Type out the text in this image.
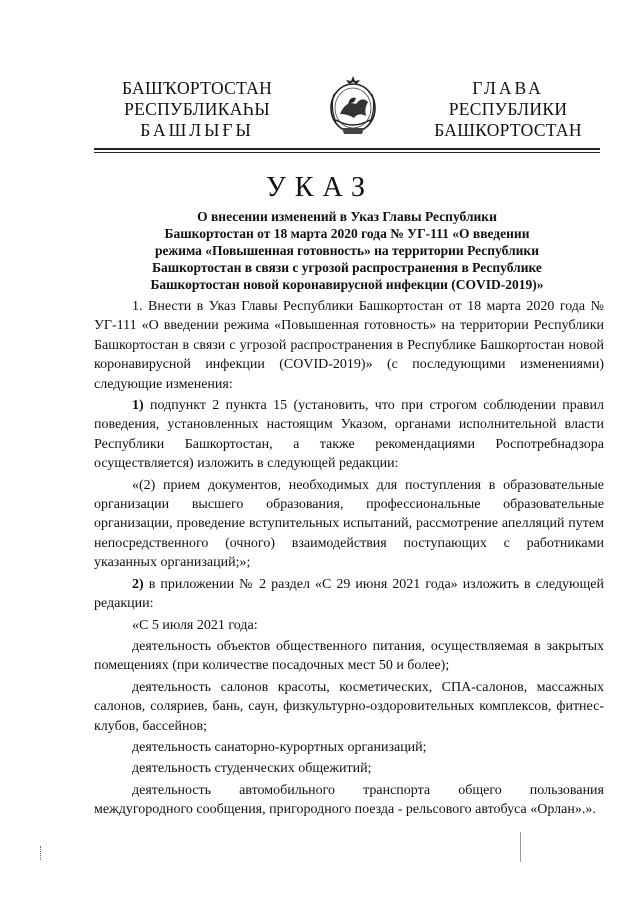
БАШҠОРТОСТАН
РЕСПУБЛИКАҺЫ
БАШЛЫҒЫ
ГЛАВА
РЕСПУБЛИКИ
БАШКОРТОСТАН
УКАЗ
О внесении изменений в Указ Главы Республики
Башкортостан от 18 марта 2020 года № УГ-111 «О введении
режима «Повышенная готовность» на территории Республики
Башкортостан в связи с угрозой распространения в Республике
Башкортостан новой коронавирусной инфекции (COVID-2019)»

1. Внести в Указ Главы Республики Башкортостан от 18 марта 2020 года № УГ-111 «О введении режима «Повышенная готовность» на территории Республики Башкортостан в связи с угрозой распространения в Республике Башкортостан новой коронавирусной инфекции (COVID-2019)» (с последующими изменениями) следующие изменения:

1) подпункт 2 пункта 15 (установить, что при строгом соблюдении правил поведения, установленных настоящим Указом, органами исполнительной власти Республики Башкортостан, а также рекомендациями Роспотребнадзора осуществляется) изложить в следующей редакции:

«(2) прием документов, необходимых для поступления в образовательные организации высшего образования, профессиональные образовательные организации, проведение вступительных испытаний, рассмотрение апелляций путем непосредственного (очного) взаимодействия поступающих с работниками указанных организаций;»;

2) в приложении № 2 раздел «С 29 июня 2021 года» изложить в следующей редакции:

«С 5 июля 2021 года:

деятельность объектов общественного питания, осуществляемая в закрытых помещениях (при количестве посадочных мест 50 и более);

деятельность салонов красоты, косметических, СПА-салонов, массажных салонов, соляриев, бань, саун, физкультурно-оздоровительных комплексов, фитнес-клубов, бассейнов;

деятельность санаторно-курортных организаций;

деятельность студенческих общежитий;

деятельность автомобильного транспорта общего пользования междугородного сообщения, пригородного поезда - рельсового автобуса «Орлан».».
